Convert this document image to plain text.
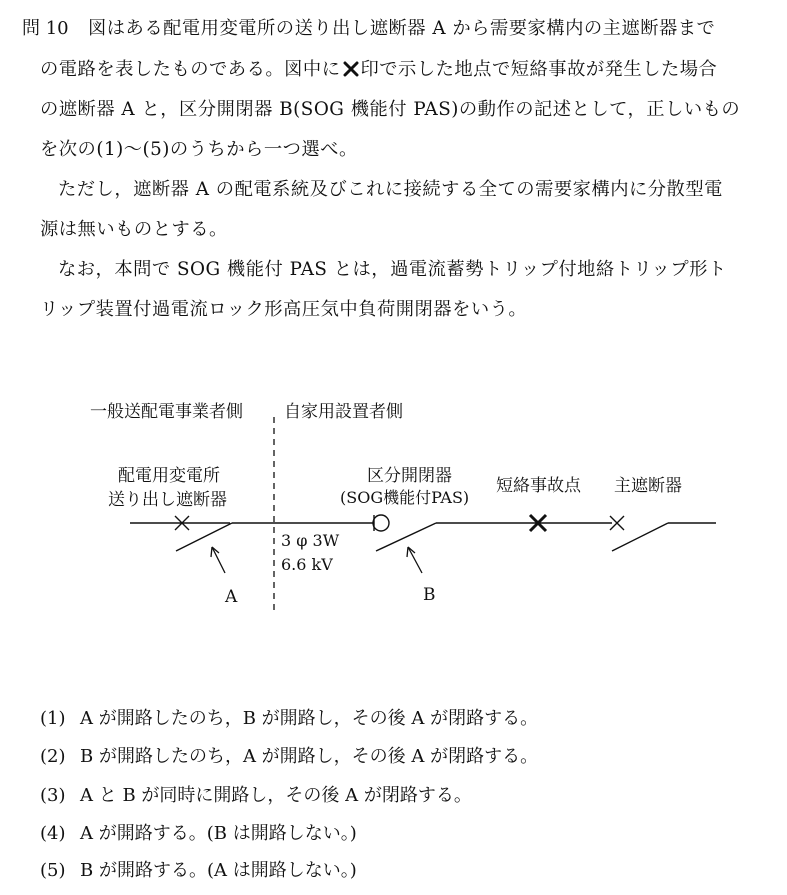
問 10 図はある配電用変電所の送り出し遮断器 A から需要家構内の主遮断器まで
の電路を表したものである。図中に 印で示した地点で短絡事故が発生した場合
の遮断器 A と，区分開閉器 B(SOG 機能付 PAS)の動作の記述として，正しいもの
を次の(1)～(5)のうちから一つ選べ。
ただし，遮断器 A の配電系統及びこれに接続する全ての需要家構内に分散型電
源は無いものとする。
なお，本問で SOG 機能付 PAS とは，過電流蓄勢トリップ付地絡トリップ形ト
リップ装置付過電流ロック形高圧気中負荷開閉器をいう。
一般送配電事業者側 自家用設置者側
配電用変電所
送り出し遮断器
区分開閉器
(SOG機能付PAS)
短絡事故点 主遮断器
3 φ 3W
6.6 kV
A	B
(1) A が開路したのち，B が開路し，その後 A が閉路する。
(2) B が開路したのち，A が開路し，その後 A が閉路する。
(3) A と B が同時に開路し，その後 A が閉路する。
(4) A が開路する。(B は開路しない。)
(5) B が開路する。(A は開路しない。)
